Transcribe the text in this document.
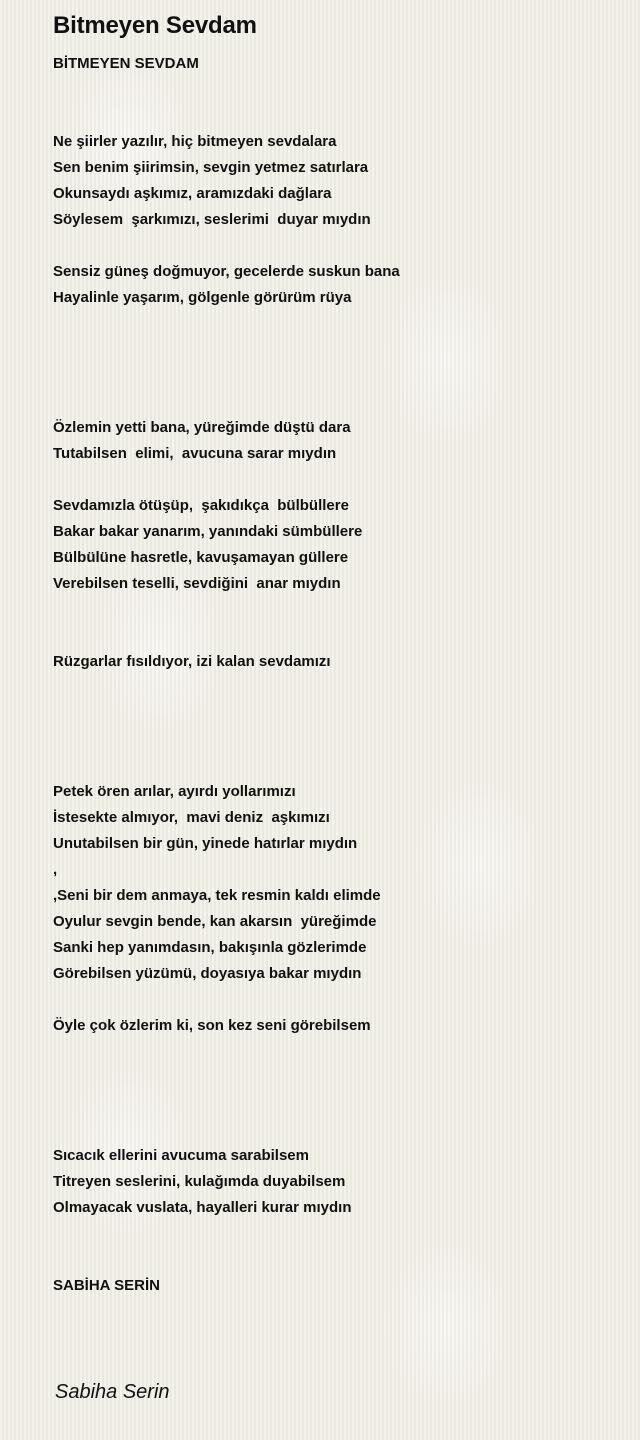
Bitmeyen Sevdam
BİTMEYEN SEVDAM
Ne şiirler yazılır, hiç bitmeyen sevdalara
Sen benim şiirimsin, sevgin yetmez satırlara
Okunsaydı aşkımız, aramızdaki dağlara
Söylesem  şarkımızı, seslerimi  duyar mıydın
Sensiz güneş doğmuyor, gecelerde suskun bana
Hayalinle yaşarım, gölgenle görürüm rüya
Özlemin yetti bana, yüreğimde düştü dara
Tutabilsen  elimi,  avucuna sarar mıydın
Sevdamızla ötüşüp,  şakıdıkça  bülbüllere
Bakar bakar yanarım, yanındaki sümbüllere
Bülbülüne hasretle, kavuşamayan güllere
Verebilsen teselli, sevdiğini  anar mıydın
Rüzgarlar fısıldıyor, izi kalan sevdamızı
Petek ören arılar, ayırdı yollarımızı
İstesekte almıyor,  mavi deniz  aşkımızı
Unutabilsen bir gün, yinede hatırlar mıydın
,
,Seni bir dem anmaya, tek resmin kaldı elimde
Oyulur sevgin bende, kan akarsın  yüreğimde
Sanki hep yanımdasın, bakışınla gözlerimde
Görebilsen yüzümü, doyasıya bakar mıydın
Öyle çok özlerim ki, son kez seni görebilsem
Sıcacık ellerini avucuma sarabilsem
Titreyen seslerini, kulağımda duyabilsem
Olmayacak vuslata, hayalleri kurar mıydın
SABİHA SERİN
Sabiha Serin
